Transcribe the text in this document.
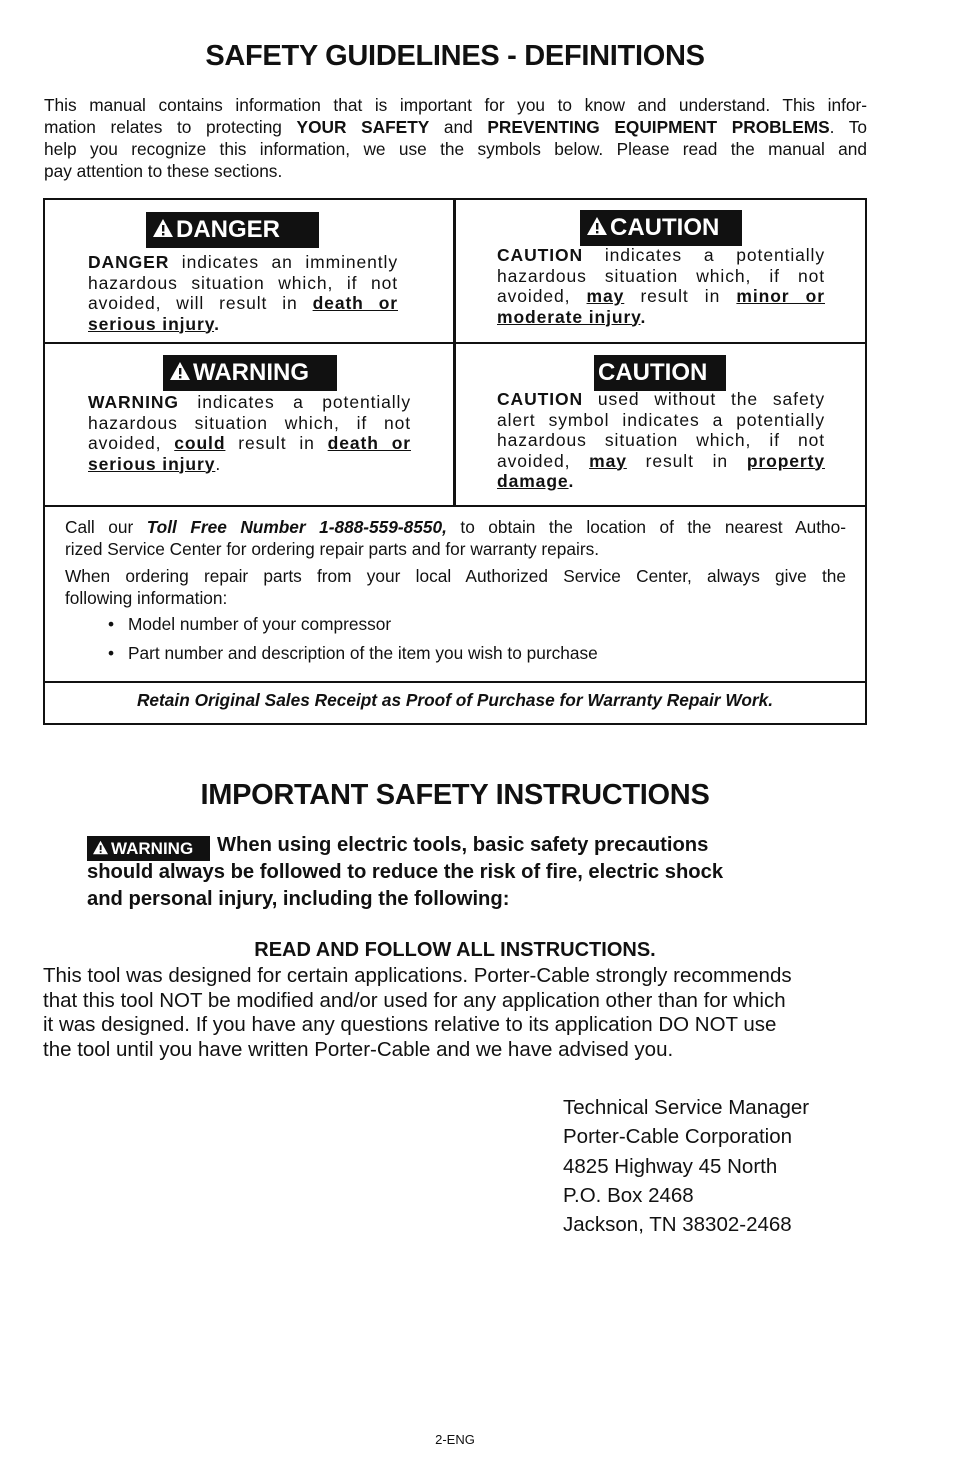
SAFETY GUIDELINES - DEFINITIONS
This manual contains information that is important for you to know and understand. This infor-
mation relates to protecting YOUR SAFETY and PREVENTING EQUIPMENT PROBLEMS. To
help you recognize this information, we use the symbols below. Please read the manual and
pay attention to these sections.
DANGER
DANGER indicates an imminently hazardous situation which, if not avoided, will result in death or serious injury.
CAUTION
CAUTION indicates a potentially hazardous situation which, if not avoided, may result in minor or moderate injury.
WARNING
WARNING indicates a potentially hazardous situation which, if not avoided, could result in death or serious injury.
CAUTION
CAUTION used without the safety alert symbol indicates a potentially hazardous situation which, if not avoided, may result in property damage.
Call our Toll Free Number 1-888-559-8550, to obtain the location of the nearest Autho-
rized Service Center for ordering repair parts and for warranty repairs.
When ordering repair parts from your local Authorized Service Center, always give the
following information:
• Model number of your compressor
• Part number and description of the item you wish to purchase
Retain Original Sales Receipt as Proof of Purchase for Warranty Repair Work.
IMPORTANT SAFETY INSTRUCTIONS
WARNING	When using electric tools, basic safety precautions
should always be followed to reduce the risk of fire, electric shock
and personal injury, including the following:
READ AND FOLLOW ALL INSTRUCTIONS.
This tool was designed for certain applications. Porter-Cable strongly recommends
that this tool NOT be modified and/or used for any application other than for which
it was designed. If you have any questions relative to its application DO NOT use
the tool until you have written Porter-Cable and we have advised you.
Technical Service Manager
Porter-Cable Corporation
4825 Highway 45 North
P.O. Box 2468
Jackson, TN 38302-2468
2-ENG
